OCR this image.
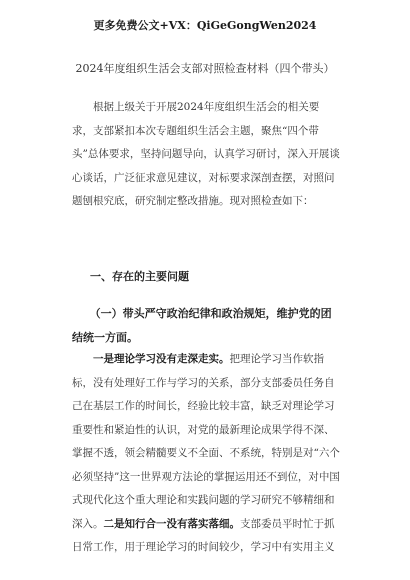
更多免费公文+VX：QiGeGongWen2024
2024年度组织生活会支部对照检查材料（四个带头）
根据上级关于开展2024年度组织生活会的相关要求，支部紧扣本次专题组织生活会主题，聚焦“四个带头”总体要求，坚持问题导向，认真学习研讨，深入开展谈心谈话，广泛征求意见建议，对标要求深剖查摆，对照问题刨根究底，研究制定整改措施。现对照检查如下：
一、存在的主要问题
（一）带头严守政治纪律和政治规矩，维护党的团结统一方面。
一是理论学习没有走深走实。把理论学习当作软指标，没有处理好工作与学习的关系，部分支部委员任务自己在基层工作的时间长，经验比较丰富，缺乏对理论学习重要性和紧迫性的认识，对党的最新理论成果学得不深、掌握不透，领会精髓要义不全面、不系统，特别是对“六个必须坚持”这一世界观方法论的掌握运用还不到位，对中国式现代化这个重大理论和实践问题的学习研究不够精细和深入。二是知行合一没有落实落细。支部委员平时忙于抓日常工作，用于理论学习的时间较少，学习中有实用主义
